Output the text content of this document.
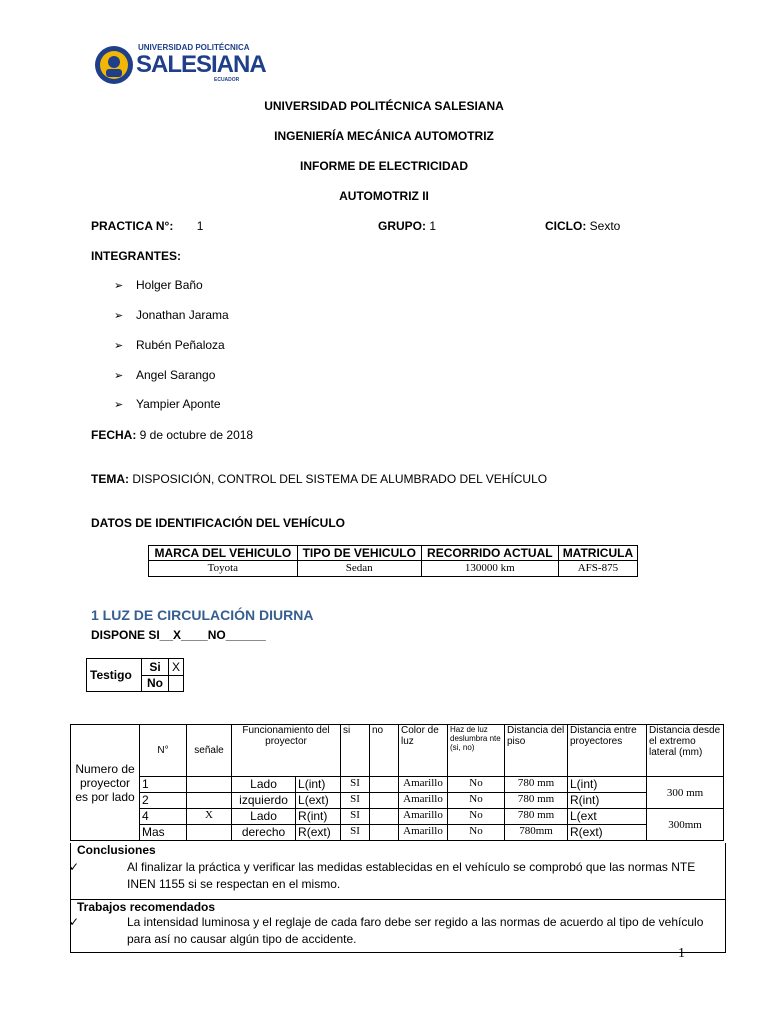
UNIVERSIDAD POLITÉCNICA
SALESIANA
ECUADOR
UNIVERSIDAD POLITÉCNICA SALESIANA
INGENIERÍA MECÁNICA AUTOMOTRIZ
INFORME DE ELECTRICIDAD
AUTOMOTRIZ II
PRACTICA N°: 1	GRUPO: 1	CICLO: Sexto
INTEGRANTES:
➢ Holger Baño
➢ Jonathan Jarama
➢ Rubén Peñaloza
➢ Angel Sarango
➢ Yampier Aponte
FECHA: 9 de octubre de 2018
TEMA: DISPOSICIÓN, CONTROL DEL SISTEMA DE ALUMBRADO DEL VEHÍCULO
DATOS DE IDENTIFICACIÓN DEL VEHÍCULO
MARCA DEL VEHICULO	TIPO DE VEHICULO	RECORRIDO ACTUAL	MATRICULA
Toyota	Sedan	130000 km	AFS-875
1 LUZ DE CIRCULACIÓN DIURNA
DISPONE SI__X____NO______
Testigo	Si	X
	No	
Numero de proyector es por lado	N°	señale	Funcionamiento del proyector		si	no	Color de luz	Haz de luz deslumbra nte (si, no)	Distancia del piso	Distancia entre proyectores	Distancia desde el extremo lateral (mm)
	1		Lado	L(int)	SI		Amarillo	No	780 mm	L(int)	300 mm
	2		izquierdo	L(ext)	SI		Amarillo	No	780 mm	R(int)	
	4	X	Lado	R(int)	SI		Amarillo	No	780 mm	L(ext	300mm
	Mas		derecho	R(ext)	SI		Amarillo	No	780mm	R(ext)	
Conclusiones
✓	Al finalizar la práctica y verificar las medidas establecidas en el vehículo se comprobó que las normas NTE INEN 1155 si se respectan en el mismo.
Trabajos recomendados
✓	La intensidad luminosa y el reglaje de cada faro debe ser regido a las normas de acuerdo al tipo de vehículo para así no causar algún tipo de accidente.
1
